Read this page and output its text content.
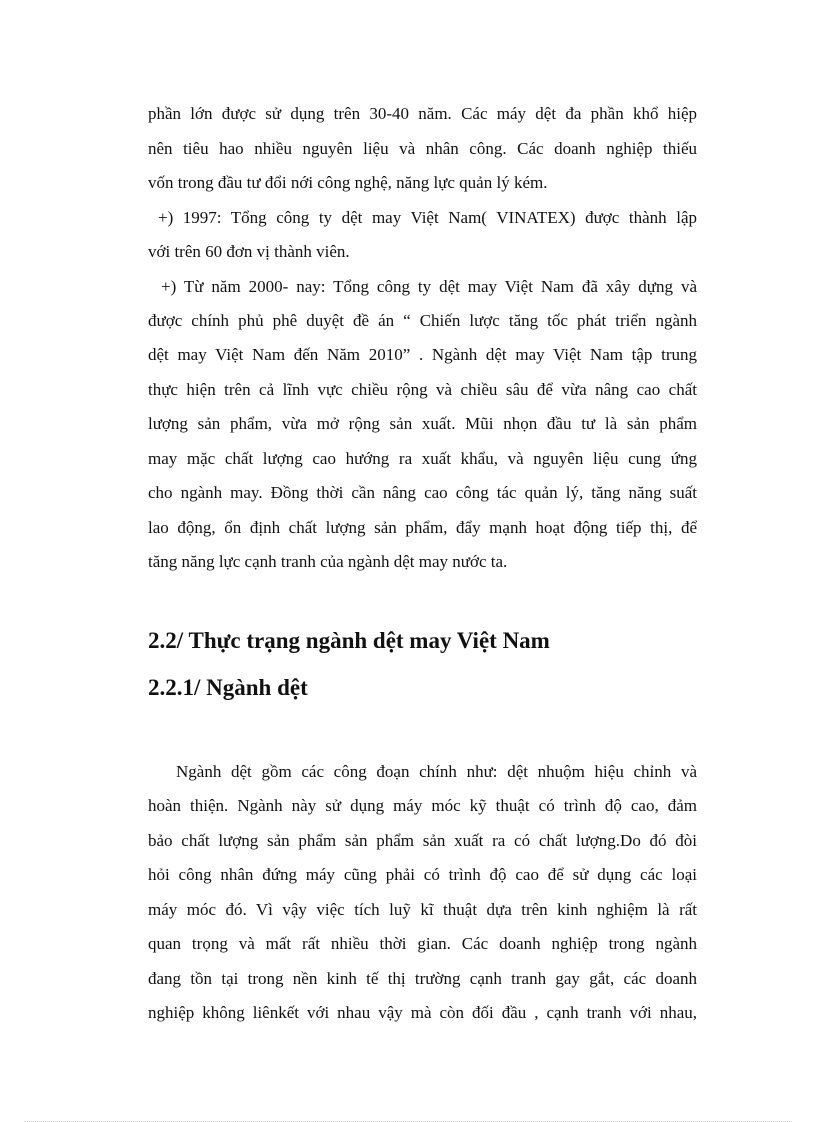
phần lớn được sử dụng trên 30-40 năm. Các máy dệt đa phần khổ hiệp
nên tiêu hao nhiều nguyên liệu và nhân công. Các doanh nghiệp thiếu
vốn trong đầu tư đổi nới công nghệ, năng lực quản lý kém.
+) 1997: Tổng công ty dệt may Việt Nam( VINATEX) được thành lập
với trên 60 đơn vị thành viên.
+) Từ năm 2000- nay: Tổng công ty dệt may Việt Nam đã xây dựng và
được chính phủ phê duyệt đề án “ Chiến lược tăng tốc phát triển ngành
dệt may Việt Nam đến Năm 2010” . Ngành dệt may Việt Nam tập trung
thực hiện trên cả lĩnh vực chiều rộng và chiều sâu để vừa nâng cao chất
lượng sản phẩm, vừa mở rộng sản xuất. Mũi nhọn đầu tư là sản phẩm
may mặc chất lượng cao hướng ra xuất khẩu, và nguyên liệu cung ứng
cho ngành may. Đồng thời cần nâng cao công tác quản lý, tăng năng suất
lao động, ổn định chất lượng sản phẩm, đẩy mạnh hoạt động tiếp thị, để
tăng năng lực cạnh tranh của ngành dệt may nước ta.
2.2/ Thực trạng ngành dệt may Việt Nam
2.2.1/ Ngành dệt
Ngành dệt gồm các công đoạn chính như: dệt nhuộm hiệu chỉnh và
hoàn thiện. Ngành này sử dụng máy móc kỹ thuật có trình độ cao, đảm
bảo chất lượng sản phẩm sản phẩm sản xuất ra có chất lượng.Do đó đòi
hỏi công nhân đứng máy cũng phải có trình độ cao để sử dụng các loại
máy móc đó. Vì vậy việc tích luỹ kĩ thuật dựa trên kinh nghiệm là rất
quan trọng và mất rất nhiều thời gian. Các doanh nghiệp trong ngành
đang tồn tại trong nền kinh tế thị trường cạnh tranh gay gắt, các doanh
nghiệp không liênkết với nhau vậy mà còn đối đầu , cạnh tranh với nhau,
